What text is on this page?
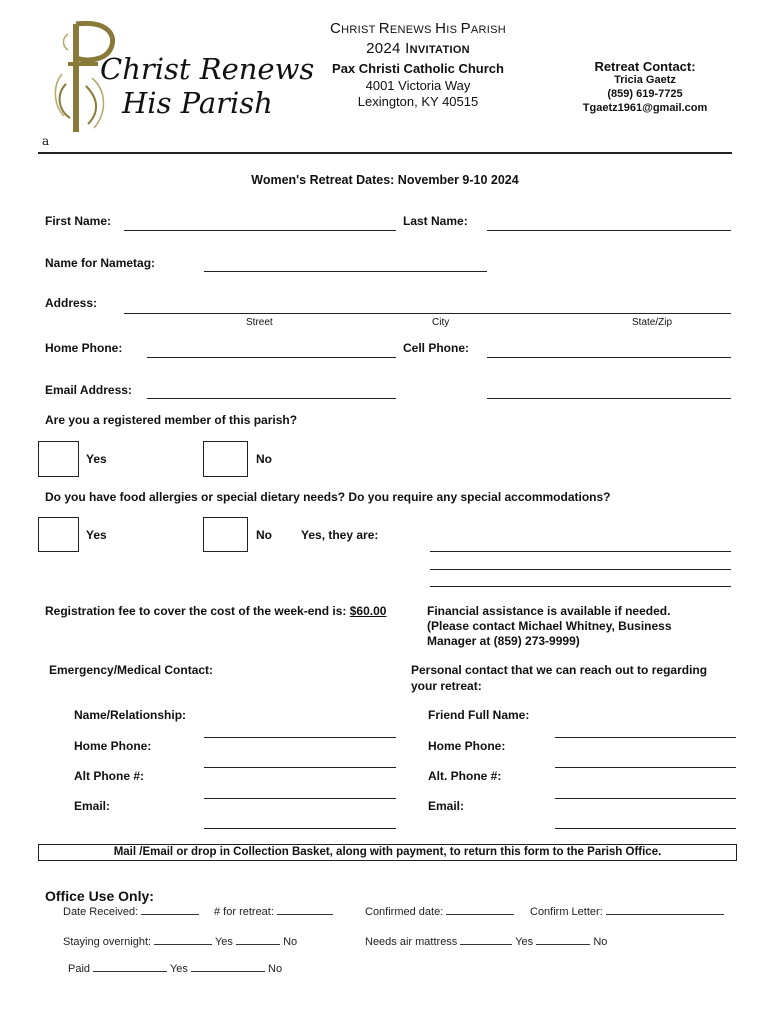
Christ Renews
His Parish
a
CHRIST RENEWS HIS PARISH
2024 INVITATION
Pax Christi Catholic Church
4001 Victoria Way
Lexington, KY 40515
Retreat Contact:
Tricia Gaetz
(859) 619-7725
Tgaetz1961@gmail.com
Women's Retreat Dates: November 9-10 2024
First Name:	Last Name:
Name for Nametag:
Address:
Street	City	State/Zip
Home Phone:	Cell Phone:
Email Address:
Are you a registered member of this parish?
Yes	No
Do you have food allergies or special dietary needs? Do you require any special accommodations?
Yes	No Yes, they are:
Registration fee to cover the cost of the week-end is: $60.00	Financial assistance is available if needed.
(Please contact Michael Whitney, Business
Manager at (859) 273-9999)
Emergency/Medical Contact:
Name/Relationship:
Home Phone:
Alt Phone #:
Email:
Personal contact that we can reach out to regarding
your retreat:
Friend Full Name:
Home Phone:
Alt. Phone #:
Email:
Mail /Email or drop in Collection Basket, along with payment, to return this form to the Parish Office.
Office Use Only:
Date Received:	# for retreat:	Confirmed date:	Confirm Letter:
Staying overnight:	Yes	No	Needs air mattress	Yes	No
Paid	Yes	No
